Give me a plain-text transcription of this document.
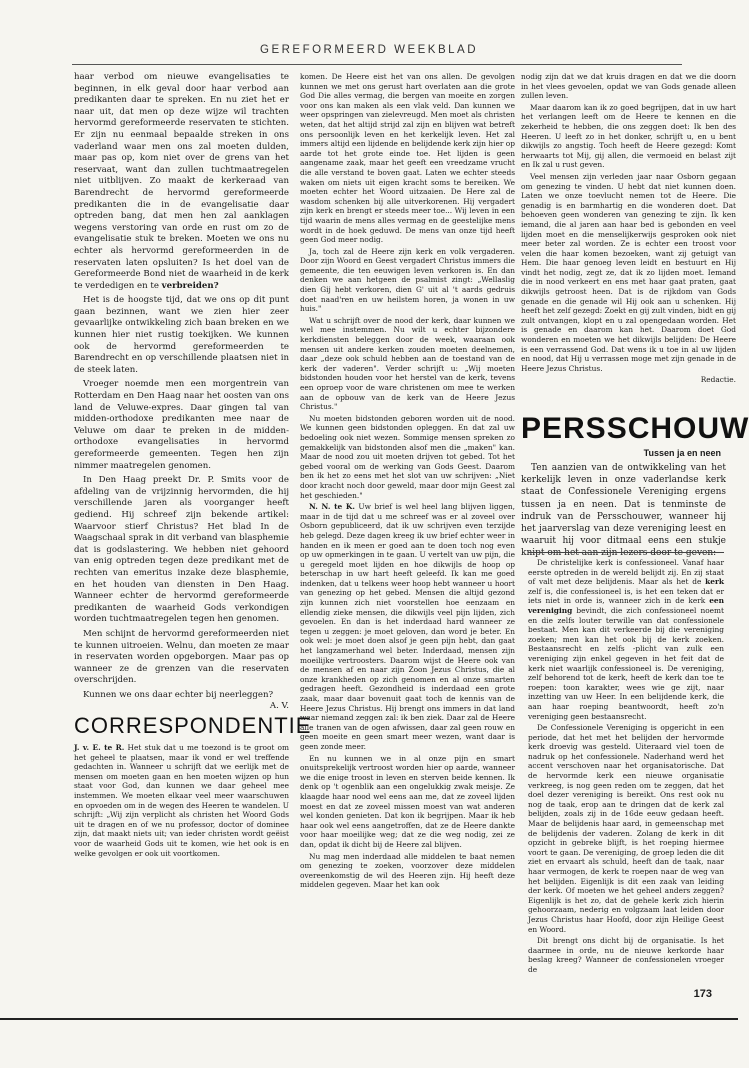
GEREFORMEERD WEEKBLAD

haar verbod om nieuwe evangelisaties te beginnen, in elk geval door haar verbod aan predikanten daar te spreken. En nu ziet het er naar uit, dat men op deze wijze wil trachten hervormd gereformeerde reservaten te stichten. Er zijn nu eenmaal bepaalde streken in ons vaderland waar men ons zal moeten dulden, maar pas op, kom niet over de grens van het reservaat, want dan zullen tuchtmaatregelen niet uitblijven. Zo maakt de kerkeraad van Barendrecht de hervormd gereformeerde predikanten die in de evangelisatie daar optreden bang, dat men hen zal aanklagen wegens verstoring van orde en rust om zo de evangelisatie stuk te breken. Moeten we ons nu echter als hervormd gereformeerden in de reservaten laten opsluiten? Is het doel van de Gereformeerde Bond niet de waarheid in de kerk te verdedigen en te verbreiden?

Het is de hoogste tijd, dat we ons op dit punt gaan bezinnen, want we zien hier zeer gevaarlijke ontwikkeling zich baan breken en we kunnen hier niet rustig toekijken. We kunnen ook de hervormd gereformeerden te Barendrecht en op verschillende plaatsen niet in de steek laten.

Vroeger noemde men een morgentrein van Rotterdam en Den Haag naar het oosten van ons land de Veluwe-expres. Daar gingen tal van midden-orthodoxe predikanten mee naar de Veluwe om daar te preken in de midden-orthodoxe evangelisaties in hervormd gereformeerde gemeenten. Tegen hen zijn nimmer maatregelen genomen.

In Den Haag preekt Dr. P. Smits voor de afdeling van de vrijzinnig hervormden, die hij verschillende jaren als voorganger heeft gediend. Hij schreef zijn bekende artikel: Waarvoor stierf Christus? Het blad In de Waagschaal sprak in dit verband van blasphemie dat is godslastering. We hebben niet gehoord van enig optreden tegen deze predikant met de rechten van emeritus inzake deze blasphemie, en het houden van diensten in Den Haag. Wanneer echter de hervormd gereformeerde predikanten de waarheid Gods verkondigen worden tuchtmaatregelen tegen hen genomen.

Men schijnt de hervormd gereformeerden niet te kunnen uitroeien. Welnu, dan moeten ze maar in reservaten worden opgeborgen. Maar pas op wanneer ze de grenzen van die reservaten overschrijden.

Kunnen we ons daar echter bij neerleggen?
A. V.

CORRESPONDENTIE

J. v. E. te R. Het stuk dat u me toezond is te groot om het geheel te plaatsen, maar ik vond er wel treffende gedachten in. Wanneer u schrijft dat we eerlijk met de mensen om moeten gaan en hen moeten wijzen op hun staat voor God, dan kunnen we daar geheel mee instemmen. We moeten elkaar veel meer waarschuwen en opvoeden om in de wegen des Heeren te wandelen. U schrijft: „Wij zijn verplicht als christen het Woord Gods uit te dragen en of we nu professor, doctor of dominee zijn, dat maakt niets uit; van ieder christen wordt geëist voor de waarheid Gods uit te komen, wie het ook is en welke gevolgen er ook uit voortkomen.

komen. De Heere eist het van ons allen. De gevolgen kunnen we met ons gerust hart overlaten aan die grote God Die alles vermag, die bergen van moeite en zorgen voor ons kan maken als een vlak veld. Dan kunnen we weer opspringen van zielevreugd. Men moet als christen weten, dat het altijd strijd zal zijn en blijven wat betreft ons persoonlijk leven en het kerkelijk leven. Het zal immers altijd een lijdende en belijdende kerk zijn hier op aarde tot het grote einde toe. Het lijden is geen aangename zaak, maar het geeft een vreedzame vrucht die alle verstand te boven gaat. Laten we echter steeds waken om niets uit eigen kracht soms te bereiken. We moeten echter het Woord uitzaaien. De Here zal de wasdom schenken bij alle uitverkorenen. Hij vergadert zijn kerk en brengt er steeds meer toe... Wij leven in een tijd waarin de mens alles vermag en de geestelijke mens wordt in de hoek geduwd. De mens van onze tijd heeft geen God meer nodig.

Ja, toch zal de Heere zijn kerk en volk vergaderen. Door zijn Woord en Geest vergadert Christus immers die gemeente, die ten eeuwigen leven verkoren is. En dan denken we aan hetgeen de psalmist zingt: „Wellaslig dien Gij hebt verkoren, dien G' uit al 't aards gedruis doet naad'ren en uw heilstem horen, ja wonen in uw huis."

Wat u schrijft over de nood der kerk, daar kunnen we wel mee instemmen. Nu wilt u echter bijzondere kerkdiensten beleggen door de week, waaraan ook mensen uit andere kerken zouden moeten deelnemen, daar „deze ook schuld hebben aan de toestand van de kerk der vaderen". Verder schrijft u: „Wij moeten bidstonden houden voor het herstel van de kerk, tevens een oproep voor de ware christenen om mee te werken aan de opbouw van de kerk van de Heere Jezus Christus."

Nu moeten bidstonden geboren worden uit de nood. We kunnen geen bidstonden opleggen. En dat zal uw bedoeling ook niet wezen. Sommige mensen spreken zo gemakkelijk van bidstonden alsof men die „maken" kan. Maar de nood zou uit moeten drijven tot gebed. Tot het gebed vooral om de werking van Gods Geest. Daarom ben ik het zo eens met het slot van uw schrijven: „Niet door kracht noch door geweld, maar door mijn Geest zal het geschieden."

N. N. te K. Uw brief is wel heel lang blijven liggen, maar in de tijd dat u me schreef was er al zoveel over Osborn gepubliceerd, dat ik uw schrijven even terzijde heb gelegd. Deze dagen kreeg ik uw brief echter weer in handen en ik meen er goed aan te doen toch nog even op uw opmerkingen in te gaan. U vertelt van uw pijn, die u geregeld moet lijden en hoe dikwijls de hoop op beterschap in uw hart heeft geleefd. Ik kan me goed indenken, dat u telkens weer hoop hebt wanneer u hoort van genezing op het gebed. Mensen die altijd gezond zijn kunnen zich niet voorstellen hoe eenzaam en ellendig zieke mensen, die dikwijls veel pijn lijden, zich gevoelen. En dan is het inderdaad hard wanneer ze tegen u zeggen: je moet geloven, dan word je beter. En ook wel: je moet doen alsof je geen pijn hebt, dan gaat het langzamerhand wel beter. Inderdaad, mensen zijn moeilijke vertroosters. Daarom wijst de Heere ook van de mensen af en naar zijn Zoon Jezus Christus, die al onze krankheden op zich genomen en al onze smarten gedragen heeft. Gezondheid is inderdaad een grote zaak, maar daar bovenuit gaat toch de kennis van de Heere Jezus Christus. Hij brengt ons immers in dat land waar niemand zeggen zal: ik ben ziek. Daar zal de Heere alle tranen van de ogen afwissen, daar zal geen rouw en geen moeite en geen smart meer wezen, want daar is geen zonde meer.

En nu kunnen we in al onze pijn en smart onuitsprekelijk vertroost worden hier op aarde, wanneer we die enige troost in leven en sterven beide kennen. Ik denk op 't ogenblik aan een ongelukkig zwak meisje. Ze klaagde haar nood wel eens aan me, dat ze zoveel lijden moest en dat ze zoveel missen moest van wat anderen wel konden genieten. Dat kon ik begrijpen. Maar ik heb haar ook wel eens aangetroffen, dat ze de Heere dankte voor haar moeilijke weg; dat ze die weg nodig, zei ze dan, opdat ik dicht bij de Heere zal blijven.

Nu mag men inderdaad alle middelen te baat nemen om genezing te zoeken, voorzover deze middelen overeenkomstig de wil des Heeren zijn. Hij heeft deze middelen gegeven. Maar het kan ook

nodig zijn dat we dat kruis dragen en dat we die doorn in het vlees gevoelen, opdat we van Gods genade alleen zullen leven.

Maar daarom kan ik zo goed begrijpen, dat in uw hart het verlangen leeft om de Heere te kennen en die zekerheid te hebben, die ons zeggen doet: Ik ben des Heeren. U leeft zo in het donker, schrijft u, en u bent dikwijls zo angstig. Toch heeft de Heere gezegd: Komt herwaarts tot Mij, gij allen, die vermoeid en belast zijt en Ik zal u rust geven.

Veel mensen zijn verleden jaar naar Osborn gegaan om genezing te vinden. U hebt dat niet kunnen doen. Laten we onze toevlucht nemen tot de Heere. Die genadig is en barmhartig en die wonderen doet. Dat behoeven geen wonderen van genezing te zijn. Ik ken iemand, die al jaren aan haar bed is gebonden en veel lijden moet en die menselijkerwijs gesproken ook niet meer beter zal worden. Ze is echter een troost voor velen die haar komen bezoeken, want zij getuigt van Hem. Die haar genoeg leven leidt en bestuurt en Hij vindt het nodig, zegt ze, dat ik zo lijden moet. Iemand die in nood verkeert en ens met haar gaat praten, gaat dikwijls getroost heen. Dat is de rijkdom van Gods genade en die genade wil Hij ook aan u schenken. Hij heeft het zelf gezegd: Zoekt en gij zult vinden, bidt en gij zult ontvangen, klopt en u zal opengedaan worden. Het is genade en daarom kan het. Daarom doet God wonderen en moeten we het dikwijls belijden: De Heere is een verrassend God. Dat wens ik u toe in al uw lijden en nood, dat Hij u verrassen moge met zijn genade in de Heere Jezus Christus.

Redactie.

PERSSCHOUW
Tussen ja en neen

Ten aanzien van de ontwikkeling van het kerkelijk leven in onze vaderlandse kerk staat de Confessionele Vereniging ergens tussen ja en neen. Dat is tenminste de indruk van de Persschouwer, wanneer hij het jaarverslag van deze vereniging leest en waaruit hij voor ditmaal eens een stukje knipt om het aan zijn lezers door te geven:

De christelijke kerk is confessioneel. Vanaf haar eerste optreden in de wereld belijdt zij. En zij staat of valt met deze belijdenis. Maar als het de kerk zelf is, die confessioneel is, is het een teken dat er iets niet in orde is, wanneer zich in de kerk een vereniging bevindt, die zich confessioneel noemt en die zelfs louter terwille van dat confessionele bestaat. Men kan dit verkeerde bij die vereniging zoeken; men kan het ook bij de kerk zoeken. Bestaansrecht en zelfs -plicht van zulk een vereniging zijn enkel gegeven in het feit dat de kerk niet waarlijk confessioneel is. De vereniging, zelf behorend tot de kerk, heeft de kerk dan toe te roepen: toon karakter, wees wie ge zijt, naar inzetting van uw Heer. In een belijdende kerk, die aan haar roeping beantwoordt, heeft zo'n vereniging geen bestaansrecht.

De Confessionele Vereniging is opgericht in een periode, dat het met het belijden der hervormde kerk droevig was gesteld. Uiteraard viel toen de nadruk op het confessionele. Naderhand werd het accent verschoven naar het organisatorische. Dat de hervormde kerk een nieuwe organisatie verkreeg, is nog geen reden om te zeggen, dat het doel dezer vereniging is bereikt. Ons rest ook nu nog de taak, erop aan te dringen dat de kerk zal belijden, zoals zij in de 16de eeuw gedaan heeft. Maar de belijdenis haar aard, in gemeenschap met de belijdenis der vaderen. Zolang de kerk in dit opzicht in gebreke blijft, is het roeping hiermee voort te gaan. De vereniging, de groep leden die dit ziet en ervaart als schuld, heeft dan de taak, naar haar vermogen, de kerk te roepen naar de weg van het belijden. Eigenlijk is dit een zaak van leiding der kerk. Of moeten we het geheel anders zeggen? Eigenlijk is het zo, dat de gehele kerk zich hierin gehoorzaam, nederig en volgzaam laat leiden door Jezus Christus haar Hoofd, door zijn Heilige Geest en Woord.

Dit brengt ons dicht bij de organisatie. Is het daarmee in orde, nu de nieuwe kerkorde haar beslag kreeg? Wanneer de confessionelen vroeger de

173
